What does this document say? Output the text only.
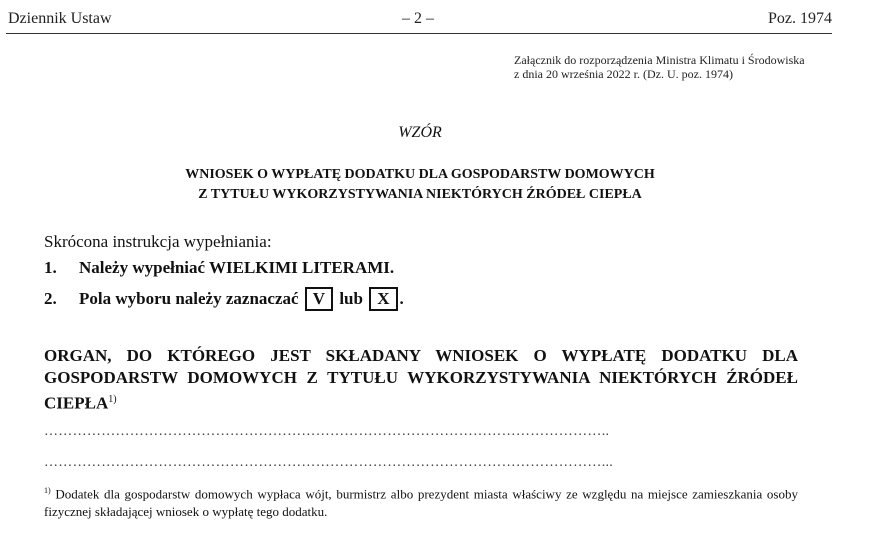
Dziennik Ustaw	– 2 –	Poz. 1974
Załącznik do rozporządzenia Ministra Klimatu i Środowiska
z dnia 20 września 2022 r. (Dz. U. poz. 1974)
WZÓR
WNIOSEK O WYPŁATĘ DODATKU DLA GOSPODARSTW DOMOWYCH
Z TYTUŁU WYKORZYSTYWANIA NIEKTÓRYCH ŹRÓDEŁ CIEPŁA
Skrócona instrukcja wypełniania:
1. Należy wypełniać WIELKIMI LITERAMI.
2. Pola wyboru należy zaznaczać V lub X .
ORGAN, DO KTÓREGO JEST SKŁADANY WNIOSEK O WYPŁATĘ DODATKU DLA GOSPODARSTW DOMOWYCH Z TYTUŁU WYKORZYSTYWANIA NIEKTÓRYCH ŹRÓDEŁ CIEPŁA$^{1)}$
………………………………………………………………………………………………………..
………………………………………………………………………………………………………...
$^{1)}$ Dodatek dla gospodarstw domowych wypłaca wójt, burmistrz albo prezydent miasta właściwy ze względu na miejsce zamieszkania osoby fizycznej składającej wniosek o wypłatę tego dodatku.
